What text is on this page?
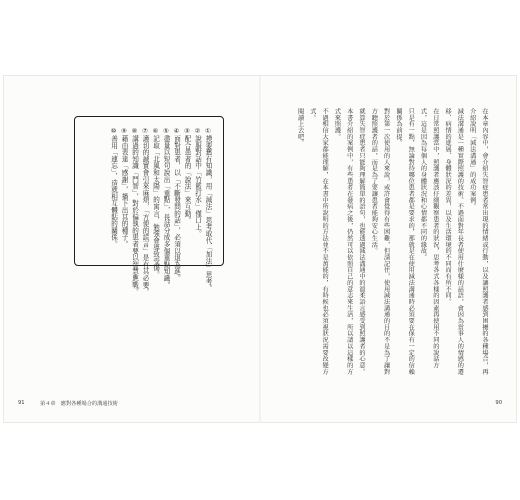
①摸要舊有知識，用「減法」思考取代「加法」思考。
②說服對話中「竹籃打水」僅口上。
③配合患者的「說法」來互動。
④面對患者，以「不斷發問的話」，必須以退為進。
⑤盡量以短句說出「重點」，長話分成多個重點知識。
⑥記取「北風和太陽」的寓言，勉強會導致受傷。
⑦適切的誠實會引來麻煩，「方便的謊言」是有其必要。
⑧講過的知識「鬥智」，對於偏執的患者要以智慧應戰。
⑨藉由表達「感謝」，播下出其的種子。
⑩善用「連忘」，造就相互體貼的關係。
91	第４章　應對各種場合的溝通技術
在本章內容中，會介紹失智症患者常出現的情緒或行動，以及讓照護者感到困擾的各種場合，再介紹說明「減法溝通」的成功案例。
減法溝通是一種實際照護的技術。不過面對年長者使用什麼樣的話語，會因為當事人的情感的遷移、病情的進展、身體狀況的差異，以及生活環境的不同而有所不同。
在日常照護當中，照護者應該仔細觀察患者的狀況，思考各式各樣的因素再使用不同的說話方式，這是因為每個人的身體狀況和心情都不同的緣故。
只是有一點，無論對待哪位患者都是要求的，那就是在使用減法溝通時必須要在保有一定的信賴關係為前提。
對於第一次使用的人來說，或許會覺得有些困難，但請記住，使用減法溝通的目的不是為了讓對方聽照護者的話，而是為了要讓患者能夠安心生活。
就算失智症患者只能夠理解簡單的語句，也能透過減法溝通中的溫柔語言感受到照護者的心意。
本書介紹的案例中，有些患者在發病之後，仍然可以依照自己的意志來生活，所以請以這樣的方式來照護。
不過相信大家都能理解，在本書中所說明的方法並不是萬能的，有時候也必須視狀況需要改變方式。
閱讀上去吧。
90
